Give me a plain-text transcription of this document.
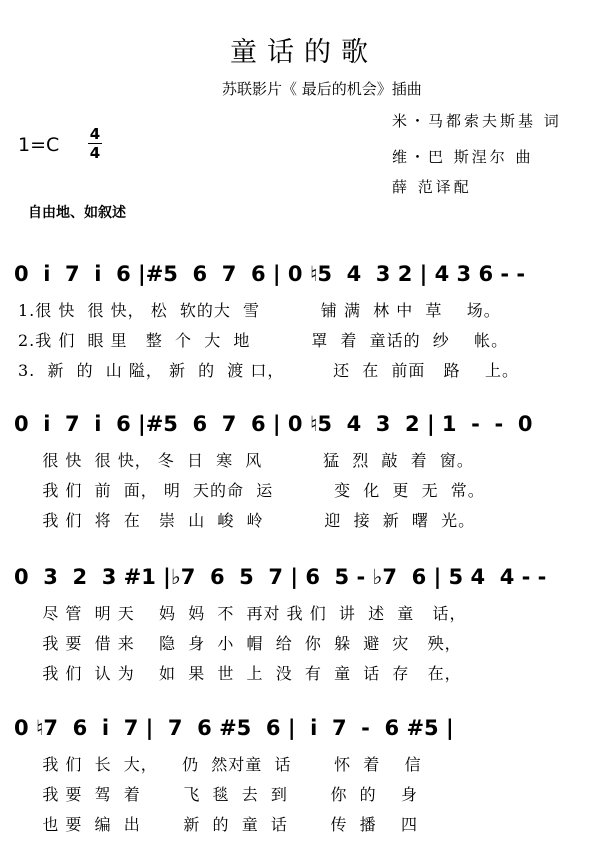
童话的歌
苏联影片《 最后的机会》插曲
米・马都索夫斯基 词
维・巴 斯涅尔 曲
薛 范译配
1=C 4
4
自由地、如叙述
0  i  7  i  6 |#5  6  7  6 | 0 ♮5  4  3 2 | 4 3 6 - -
1.很 快  很 快， 松  软的大  雪          铺 满  林 中  草    场。
2.我 们  眼 里   整  个  大  地          罩  着  童话的  纱    帐。
3.  新  的  山 隘， 新  的  渡 口，        还  在  前面   路    上。
0  i  7  i  6 |#5  6  7  6 | 0 ♮5  4  3  2 | 1  -  -  0
很 快  很 快， 冬  日  寒  风          猛  烈  敲  着  窗。
我 们  前  面， 明  天的命  运          变  化  更  无  常。
我 们  将  在   崇  山  峻  岭          迎  接  新  曙  光。
0  3  2  3 #1 |♭7  6  5  7 | 6  5 - ♭7  6 | 5 4  4 - -
尽 管  明 天    妈  妈  不  再对 我 们  讲  述  童   话，
我 要  借 来    隐  身  小  帽  给  你  躲  避  灾   殃，
我 们  认 为    如  果  世  上  没  有  童  话  存   在，
0 ♮7  6  i  7 |  7  6 #5  6 |  i  7  -  6 #5 |
我 们  长  大，    仍  然对童  话       怀  着    信
我 要  驾  着       飞  毯  去  到       你  的    身
也 要  编  出       新  的  童  话       传  播    四
